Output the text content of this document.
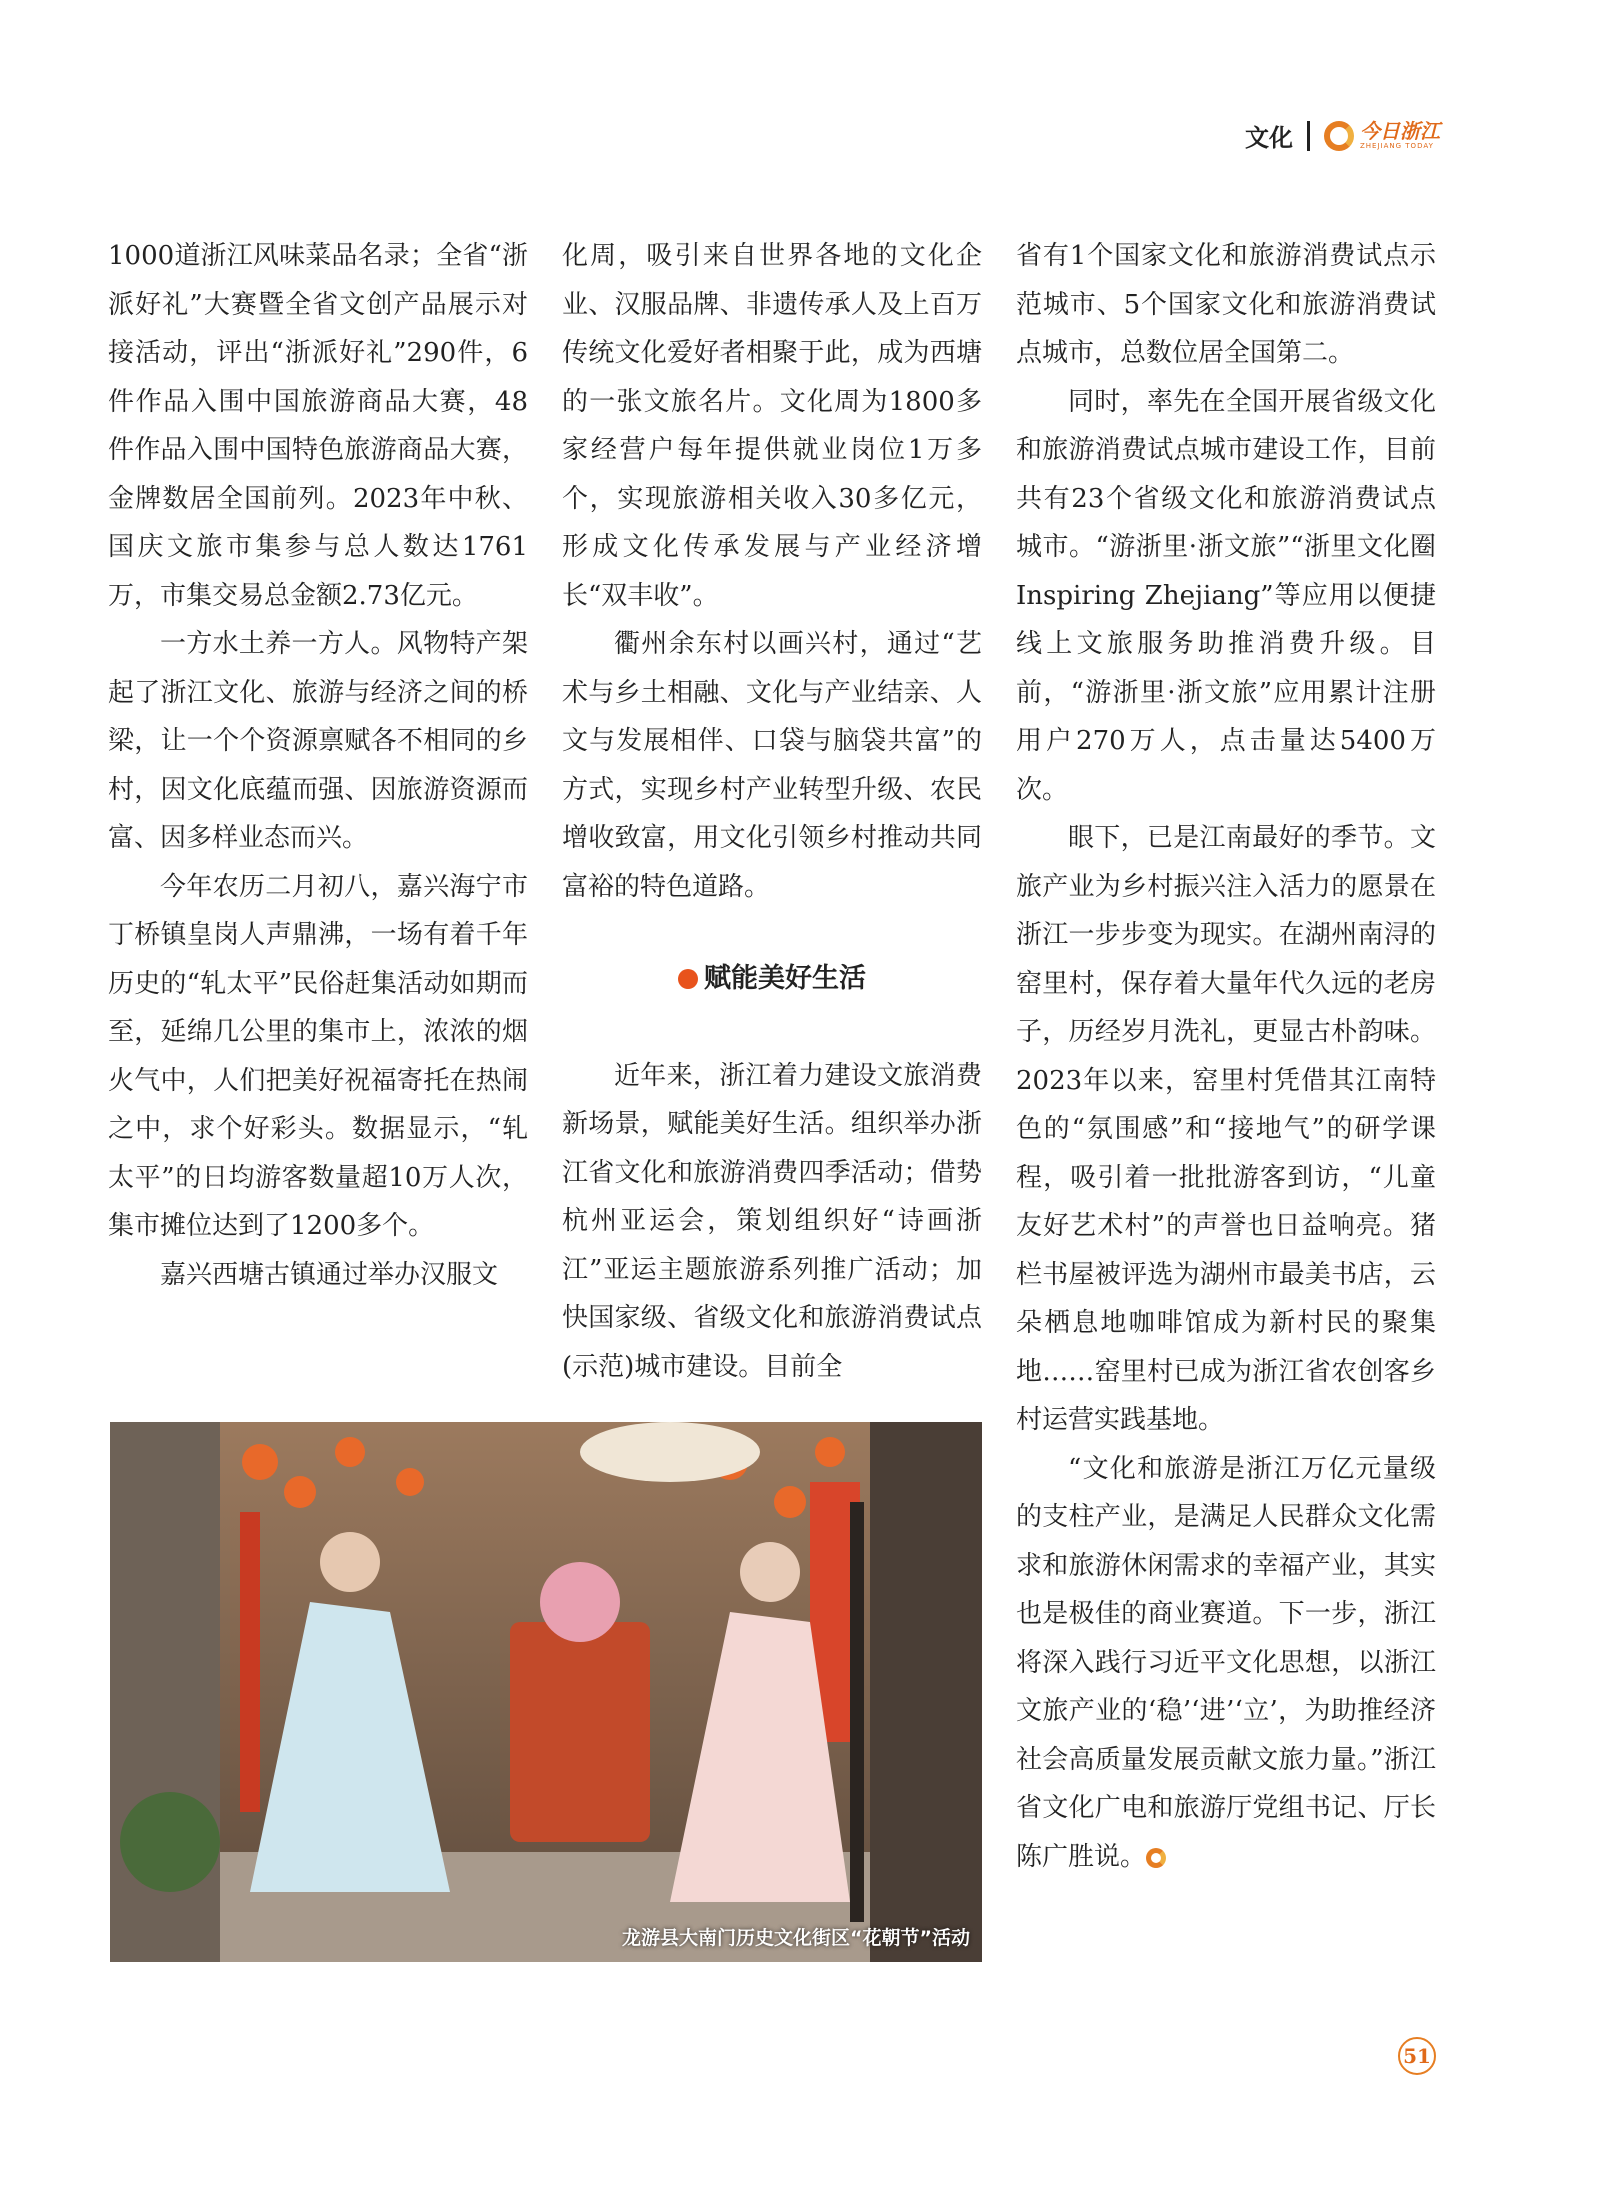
文化	今日浙江
ZHEJIANG TODAY

1000道浙江风味菜品名录；全省“浙派好礼”大赛暨全省文创产品展示对接活动，评出“浙派好礼”290件，6件作品入围中国旅游商品大赛，48件作品入围中国特色旅游商品大赛，金牌数居全国前列。2023年中秋、国庆文旅市集参与总人数达1761万，市集交易总金额2.73亿元。

一方水土养一方人。风物特产架起了浙江文化、旅游与经济之间的桥梁，让一个个资源禀赋各不相同的乡村，因文化底蕴而强、因旅游资源而富、因多样业态而兴。

今年农历二月初八，嘉兴海宁市丁桥镇皇岗人声鼎沸，一场有着千年历史的“轧太平”民俗赶集活动如期而至，延绵几公里的集市上，浓浓的烟火气中，人们把美好祝福寄托在热闹之中，求个好彩头。数据显示，“轧太平”的日均游客数量超10万人次，集市摊位达到了1200多个。

嘉兴西塘古镇通过举办汉服文

化周，吸引来自世界各地的文化企业、汉服品牌、非遗传承人及上百万传统文化爱好者相聚于此，成为西塘的一张文旅名片。文化周为1800多家经营户每年提供就业岗位1万多个，实现旅游相关收入30多亿元，形成文化传承发展与产业经济增长“双丰收”。

衢州余东村以画兴村，通过“艺术与乡土相融、文化与产业结亲、人文与发展相伴、口袋与脑袋共富”的方式，实现乡村产业转型升级、农民增收致富，用文化引领乡村推动共同富裕的特色道路。

赋能美好生活

近年来，浙江着力建设文旅消费新场景，赋能美好生活。组织举办浙江省文化和旅游消费四季活动；借势杭州亚运会，策划组织好“诗画浙江”亚运主题旅游系列推广活动；加快国家级、省级文化和旅游消费试点(示范)城市建设。目前全

省有1个国家文化和旅游消费试点示范城市、5个国家文化和旅游消费试点城市，总数位居全国第二。

同时，率先在全国开展省级文化和旅游消费试点城市建设工作，目前共有23个省级文化和旅游消费试点城市。“游浙里·浙文旅”“浙里文化圈Inspiring Zhejiang”等应用以便捷线上文旅服务助推消费升级。目前，“游浙里·浙文旅”应用累计注册用户270万人，点击量达5400万次。

眼下，已是江南最好的季节。文旅产业为乡村振兴注入活力的愿景在浙江一步步变为现实。在湖州南浔的窑里村，保存着大量年代久远的老房子，历经岁月洗礼，更显古朴韵味。2023年以来，窑里村凭借其江南特色的“氛围感”和“接地气”的研学课程，吸引着一批批游客到访，“儿童友好艺术村”的声誉也日益响亮。猪栏书屋被评选为湖州市最美书店，云朵栖息地咖啡馆成为新村民的聚集地……窑里村已成为浙江省农创客乡村运营实践基地。

“文化和旅游是浙江万亿元量级的支柱产业，是满足人民群众文化需求和旅游休闲需求的幸福产业，其实也是极佳的商业赛道。下一步，浙江将深入践行习近平文化思想，以浙江文旅产业的‘稳’‘进’‘立’，为助推经济社会高质量发展贡献文旅力量。”浙江省文化广电和旅游厅党组书记、厅长陈广胜说。

龙游县大南门历史文化街区“花朝节”活动
51
